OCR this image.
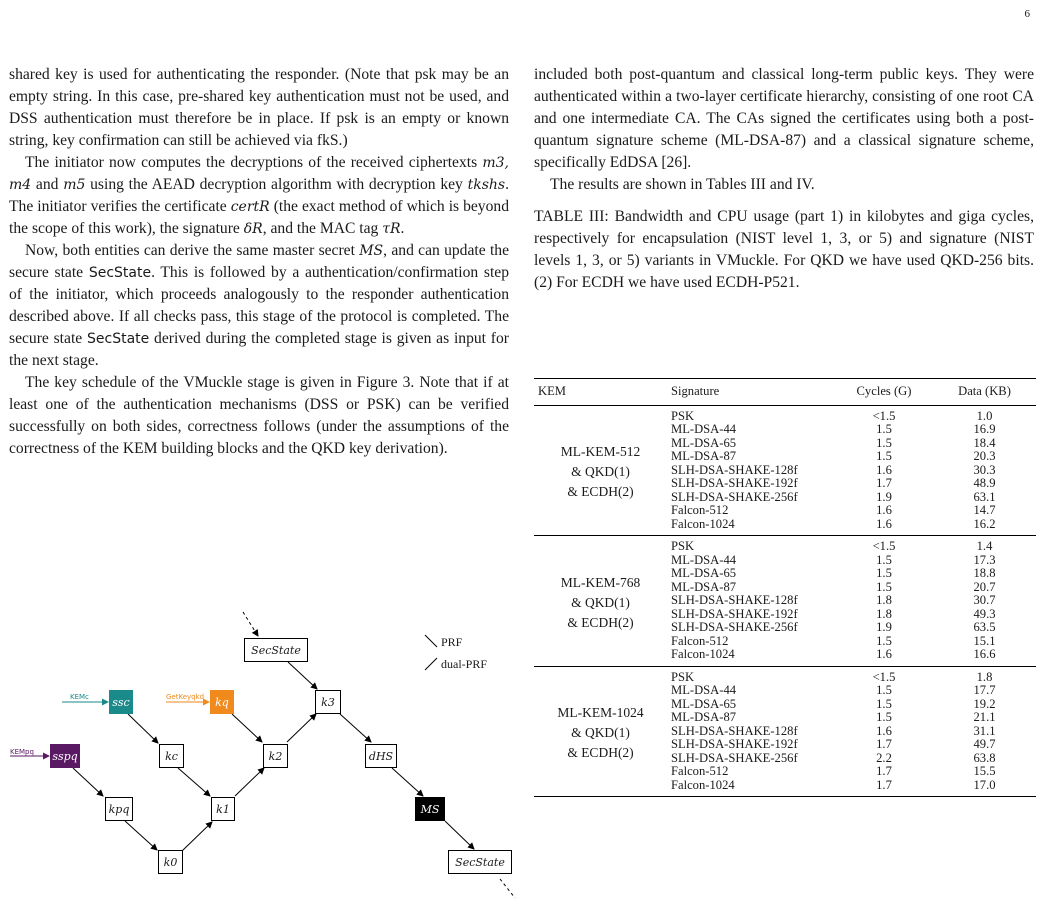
6

shared key is used for authenticating the responder. (Note that psk may be an empty string. In this case, pre-shared key authentication must not be used, and DSS authentication must therefore be in place. If psk is an empty or known string, key confirmation can still be achieved via fkS.)

The initiator now computes the decryptions of the received ciphertexts m3, m4 and m5 using the AEAD decryption algorithm with decryption key tkshs. The initiator verifies the certificate certR (the exact method of which is beyond the scope of this work), the signature δR, and the MAC tag τR.

Now, both entities can derive the same master secret MS, and can update the secure state SecState. This is followed by a authentication/confirmation step of the initiator, which proceeds analogously to the responder authentication described above. If all checks pass, this stage of the protocol is completed. The secure state SecState derived during the completed stage is given as input for the next stage.

The key schedule of the VMuckle stage is given in Figure 3. Note that if at least one of the authentication mechanisms (DSS or PSK) can be verified successfully on both sides, correctness follows (under the assumptions of the correctness of the KEM building blocks and the QKD key derivation).

included both post-quantum and classical long-term public keys. They were authenticated within a two-layer certificate hierarchy, consisting of one root CA and one intermediate CA. The CAs signed the certificates using both a post-quantum signature scheme (ML-DSA-87) and a classical signature scheme, specifically EdDSA [26].

The results are shown in Tables III and IV.

TABLE III: Bandwidth and CPU usage (part 1) in kilobytes and giga cycles, respectively for encapsulation (NIST level 1, 3, or 5) and signature (NIST levels 1, 3, or 5) variants in VMuckle. For QKD we have used QKD-256 bits. (2) For ECDH we have used ECDH-P521.

KEM	Signature	Cycles (G)	Data (KB)

ML-KEM-512
& QKD(1)
& ECDH(2)	PSK	<1.5	1.0
	ML-DSA-44	1.5	16.9
	ML-DSA-65	1.5	18.4
	ML-DSA-87	1.5	20.3
	SLH-DSA-SHAKE-128f	1.6	30.3
	SLH-DSA-SHAKE-192f	1.7	48.9
	SLH-DSA-SHAKE-256f	1.9	63.1
	Falcon-512	1.6	14.7
	Falcon-1024	1.6	16.2

ML-KEM-768
& QKD(1)
& ECDH(2)	PSK	<1.5	1.4
	ML-DSA-44	1.5	17.3
	ML-DSA-65	1.5	18.8
	ML-DSA-87	1.5	20.7
	SLH-DSA-SHAKE-128f	1.8	30.7
	SLH-DSA-SHAKE-192f	1.8	49.3
	SLH-DSA-SHAKE-256f	1.9	63.5
	Falcon-512	1.5	15.1
	Falcon-1024	1.6	16.6

ML-KEM-1024
& QKD(1)
& ECDH(2)	PSK	<1.5	1.8
	ML-DSA-44	1.5	17.7
	ML-DSA-65	1.5	19.2
	ML-DSA-87	1.5	21.1
	SLH-DSA-SHAKE-128f	1.6	31.1
	SLH-DSA-SHAKE-192f	1.7	49.7
	SLH-DSA-SHAKE-256f	2.2	63.8
	Falcon-512	1.7	15.5
	Falcon-1024	1.7	17.0
KEMc	GetKeyqkd
KEMpq
PRF
dual-PRF
SecState
k3
ssc	kq
sspq	kc	k2	dHS
kpq	k1	MS
k0	SecState
